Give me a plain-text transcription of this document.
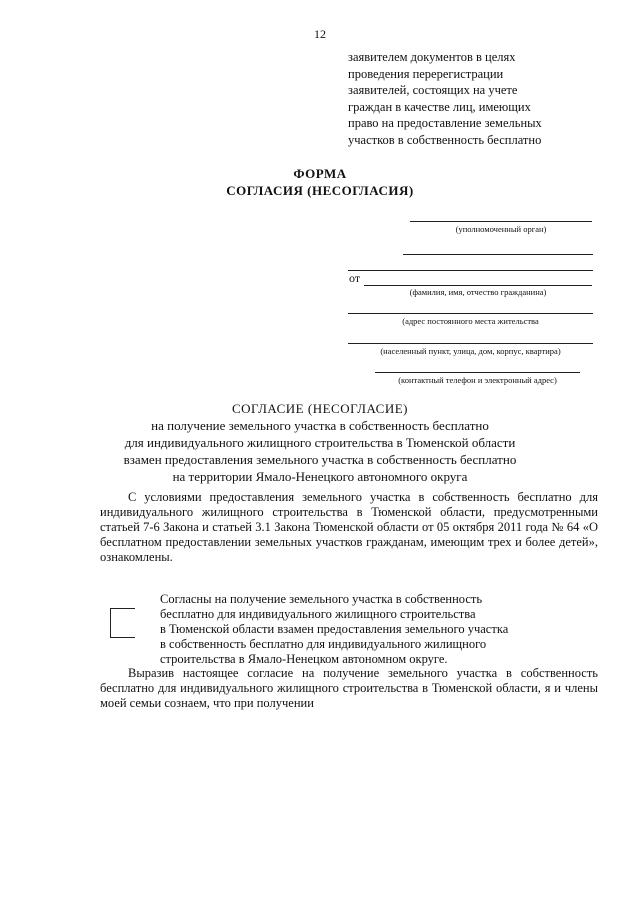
12
заявителем документов в целях
проведения перерегистрации
заявителей, состоящих на учете
граждан в качестве лиц, имеющих
право на предоставление земельных
участков в собственность бесплатно
ФОРМА
СОГЛАСИЯ (НЕСОГЛАСИЯ)
(уполномоченный орган)
от
(фамилия, имя, отчество гражданина)
(адрес постоянного места жительства
(населенный пункт, улица, дом, корпус, квартира)
(контактный телефон и электронный адрес)
СОГЛАСИЕ (НЕСОГЛАСИЕ)
на получение земельного участка в собственность бесплатно
для индивидуального жилищного строительства в Тюменской области
взамен предоставления земельного участка в собственность бесплатно
на территории Ямало-Ненецкого автономного округа
С условиями предоставления земельного участка в собственность бесплатно для индивидуального жилищного строительства в Тюменской области, предусмотренными статьей 7-6 Закона и статьей 3.1 Закона Тюменской области от 05 октября 2011 года № 64 «О бесплатном предоставлении земельных участков гражданам, имеющим трех и более детей», ознакомлены.
Согласны на получение земельного участка в собственность
бесплатно для индивидуального жилищного строительства
в Тюменской области взамен предоставления земельного участка
в собственность бесплатно для индивидуального жилищного
строительства в Ямало-Ненецком автономном округе.
Выразив настоящее согласие на получение земельного участка в собственность бесплатно для индивидуального жилищного строительства в Тюменской области, я и члены моей семьи сознаем, что при получении
